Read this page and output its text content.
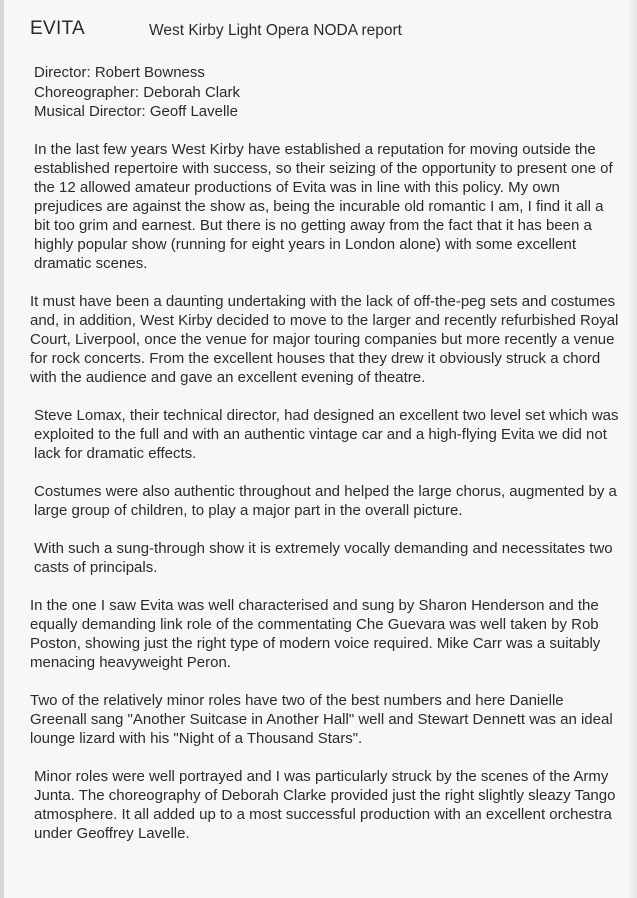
EVITA	West Kirby Light Opera NODA report
Director: Robert Bowness
Choreographer: Deborah Clark
Musical Director: Geoff Lavelle

In the last few years West Kirby have established a reputation for moving outside the established repertoire with success, so their seizing of the opportunity to present one of the 12 allowed amateur productions of Evita was in line with this policy. My own prejudices are against the show as, being the incurable old romantic I am, I find it all a bit too grim and earnest. But there is no getting away from the fact that it has been a highly popular show (running for eight years in London alone) with some excellent dramatic scenes.

It must have been a daunting undertaking with the lack of off-the-peg sets and costumes and, in addition, West Kirby decided to move to the larger and recently refurbished Royal Court, Liverpool, once the venue for major touring companies but more recently a venue for rock concerts. From the excellent houses that they drew it obviously struck a chord with the audience and gave an excellent evening of theatre.

Steve Lomax, their technical director, had designed an excellent two level set which was exploited to the full and with an authentic vintage car and a high-flying Evita we did not lack for dramatic effects.

Costumes were also authentic throughout and helped the large chorus, augmented by a large group of children, to play a major part in the overall picture.

With such a sung-through show it is extremely vocally demanding and necessitates two casts of principals.

In the one I saw Evita was well characterised and sung by Sharon Henderson and the equally demanding link role of the commentating Che Guevara was well taken by Rob Poston, showing just the right type of modern voice required. Mike Carr was a suitably menacing heavyweight Peron.

Two of the relatively minor roles have two of the best numbers and here Danielle Greenall sang "Another Suitcase in Another Hall" well and Stewart Dennett was an ideal lounge lizard with his "Night of a Thousand Stars".

Minor roles were well portrayed and I was particularly struck by the scenes of the Army Junta. The choreography of Deborah Clarke provided just the right slightly sleazy Tango atmosphere. It all added up to a most successful production with an excellent orchestra under Geoffrey Lavelle.
